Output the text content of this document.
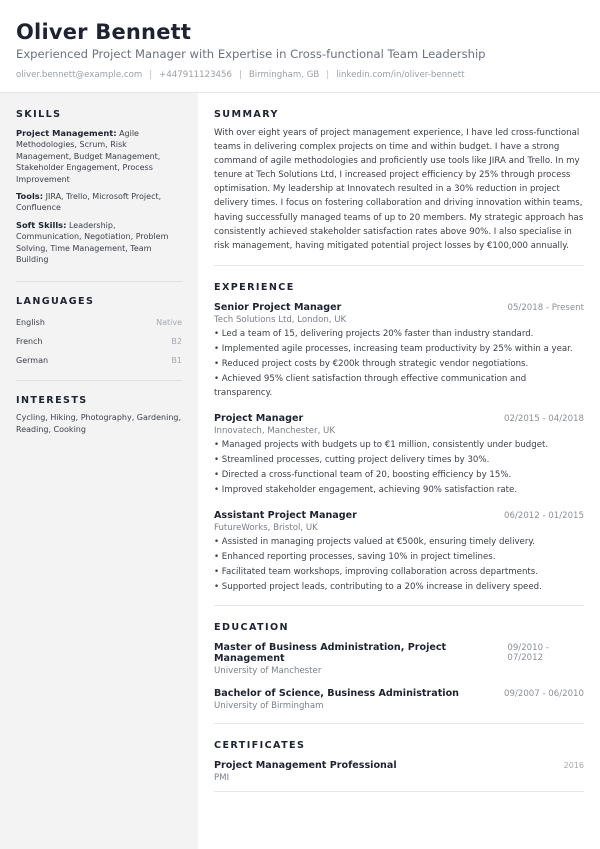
Oliver Bennett
Experienced Project Manager with Expertise in Cross-functional Team Leadership
oliver.bennett@example.com | +447911123456 | Birmingham, GB | linkedin.com/in/oliver-bennett
SKILLS
Project Management: Agile Methodologies, Scrum, Risk Management, Budget Management, Stakeholder Engagement, Process Improvement
Tools: JIRA, Trello, Microsoft Project, Confluence
Soft Skills: Leadership, Communication, Negotiation, Problem Solving, Time Management, Team Building
LANGUAGES
English	Native
French	B2
German	B1
INTERESTS
Cycling, Hiking, Photography, Gardening, Reading, Cooking
SUMMARY
With over eight years of project management experience, I have led cross-functional teams in delivering complex projects on time and within budget. I have a strong command of agile methodologies and proficiently use tools like JIRA and Trello. In my tenure at Tech Solutions Ltd, I increased project efficiency by 25% through process optimisation. My leadership at Innovatech resulted in a 30% reduction in project delivery times. I focus on fostering collaboration and driving innovation within teams, having successfully managed teams of up to 20 members. My strategic approach has consistently achieved stakeholder satisfaction rates above 90%. I also specialise in risk management, having mitigated potential project losses by €100,000 annually.
EXPERIENCE
Senior Project Manager	05/2018 - Present
Tech Solutions Ltd, London, UK
• Led a team of 15, delivering projects 20% faster than industry standard.
• Implemented agile processes, increasing team productivity by 25% within a year.
• Reduced project costs by €200k through strategic vendor negotiations.
• Achieved 95% client satisfaction through effective communication and transparency.
Project Manager	02/2015 - 04/2018
Innovatech, Manchester, UK
• Managed projects with budgets up to €1 million, consistently under budget.
• Streamlined processes, cutting project delivery times by 30%.
• Directed a cross-functional team of 20, boosting efficiency by 15%.
• Improved stakeholder engagement, achieving 90% satisfaction rate.
Assistant Project Manager	06/2012 - 01/2015
FutureWorks, Bristol, UK
• Assisted in managing projects valued at €500k, ensuring timely delivery.
• Enhanced reporting processes, saving 10% in project timelines.
• Facilitated team workshops, improving collaboration across departments.
• Supported project leads, contributing to a 20% increase in delivery speed.
EDUCATION
Master of Business Administration, Project Management
09/2010 - 07/2012
University of Manchester
Bachelor of Science, Business Administration	09/2007 - 06/2010
University of Birmingham
CERTIFICATES
Project Management Professional	2016
PMI
